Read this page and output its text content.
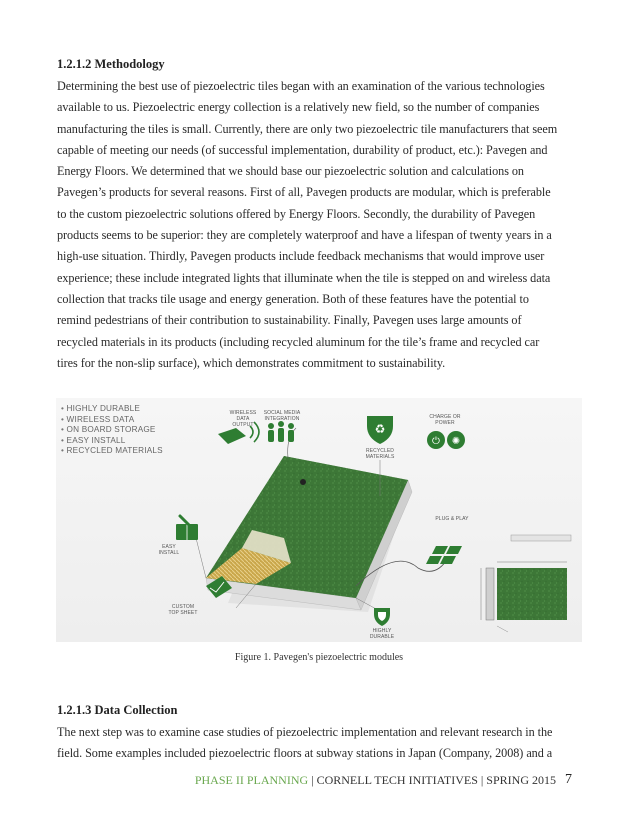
1.2.1.2 Methodology
Determining the best use of piezoelectric tiles began with an examination of the various technologies
available to us. Piezoelectric energy collection is a relatively new field, so the number of companies
manufacturing the tiles is small. Currently, there are only two piezoelectric tile manufacturers that seem
capable of meeting our needs (of successful implementation, durability of product, etc.): Pavegen and
Energy Floors. We determined that we should base our piezoelectric solution and calculations on
Pavegen’s products for several reasons. First of all, Pavegen products are modular, which is preferable
to the custom piezoelectric solutions offered by Energy Floors. Secondly, the durability of Pavegen
products seems to be superior: they are completely waterproof and have a lifespan of twenty years in a
high-use situation. Thirdly, Pavegen products include feedback mechanisms that would improve user
experience; these include integrated lights that illuminate when the tile is stepped on and wireless data
collection that tracks tile usage and energy generation. Both of these features have the potential to
remind pedestrians of their contribution to sustainability. Finally, Pavegen uses large amounts of
recycled materials in its products (including recycled aluminum for the tile’s frame and recycled car
tires for the non-slip surface), which demonstrates commitment to sustainability.
• HIGHLY DURABLE
• WIRELESS DATA
• ON BOARD STORAGE
• EASY INSTALL
• RECYCLED MATERIALS
♻
⏻ ✺
WIRELESS DATA OUTPUT
SOCIAL MEDIA INTEGRATION
RECYCLED MATERIALS
CHARGE OR POWER
PLUG & PLAY
EASY INSTALL
CUSTOM TOP SHEET
HIGHLY DURABLE
Figure 1. Pavegen's piezoelectric modules
1.2.1.3 Data Collection
The next step was to examine case studies of piezoelectric implementation and relevant research in the
field. Some examples included piezoelectric floors at subway stations in Japan (Company, 2008) and a
PHASE II PLANNING | CORNELL TECH INITIATIVES | SPRING 2015 7
